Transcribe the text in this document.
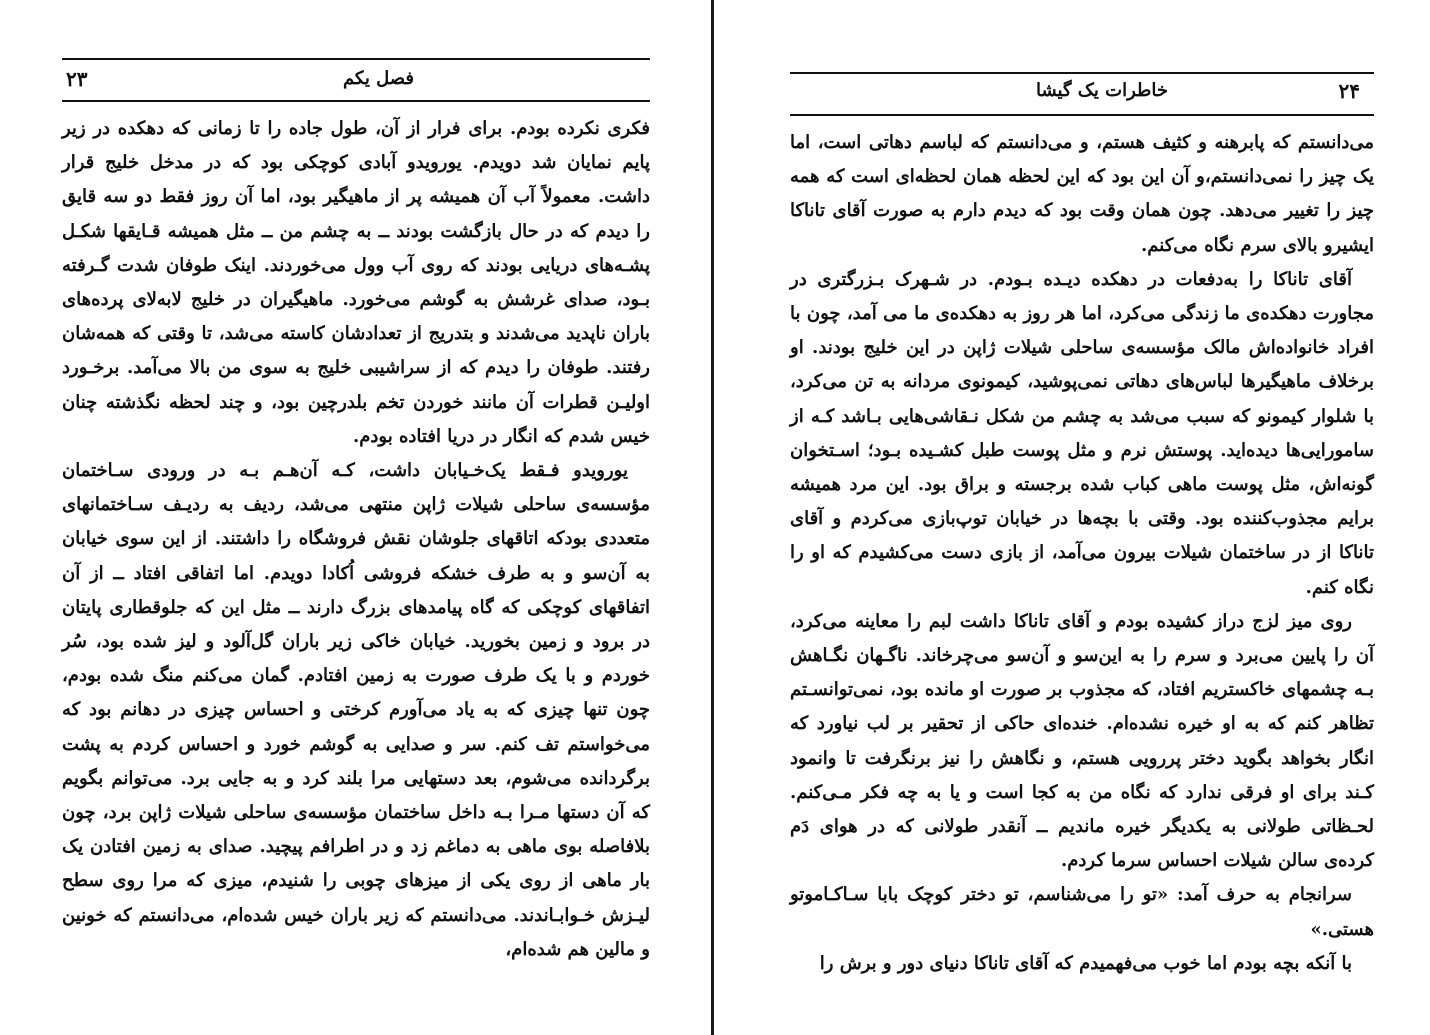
فصل یکم
۲۳

فکری نکرده بودم. برای فرار از آن، طول جاده را تا زمانی که دهکده در زیر پایم نمایان شد دویدم. یورویدو آبادی کوچکی بود که در مدخل خلیج قرار داشت. معمولاً آب آن همیشه پر از ماهیگیر بود، اما آن روز فقط دو سه قایق را دیدم که در حال بازگشت بودند ــ به چشم من ــ مثل همیشه قـایقها شکـل پشـه‌های دریایی بودند که روی آب وول می‌خوردند. اینک طوفان شدت گـرفته بـود، صدای غرشش به گوشم می‌خورد. ماهیگیران در خلیج لابه‌لای پرده‌های باران ناپدید می‌شدند و بتدریج از تعدادشان کاسته می‌شد، تا وقتی که همه‌شان رفتند. طوفان را دیدم که از سراشیبی خلیج به سوی من بالا می‌آمد. برخـورد اولیـن قطرات آن مانند خوردن تخم بلدرچین بود، و چند لحظه نگذشته چنان خیس شدم که انگار در دریا افتاده بودم.

یورویدو فـقط یک‌خـیابان داشت، کـه آن‌هـم بـه در ورودی سـاختمان مؤسسه‌ی ساحلی شیلات ژاپن منتهی می‌شد، ردیف به ردیـف سـاختمانهای متعددی بودکه اتاقهای جلوشان نقش فروشگاه را داشتند. از این سوی خیابان به آن‌سو و به طرف خشکه فروشی اُکادا دویدم. اما اتفاقی افتاد ــ از آن اتفاقهای کوچکی که گاه پیامدهای بزرگ دارند ــ مثل این که جلوقطاری پایتان در برود و زمین بخورید. خیابان خاکی زیر باران گل‌آلود و لیز شده بود، سُر خوردم و با یک طرف صورت به زمین افتادم. گمان می‌کنم منگ شده بودم، چون تنها چیزی که به یاد می‌آورم کرختی و احساس چیزی در دهانم بود که می‌خواستم تف کنم. سر و صدایی به گوشم خورد و احساس کردم به پشت برگردانده می‌شوم، بعد دستهایی مرا بلند کرد و به جایی برد. می‌توانم بگویم که آن دستها مـرا بـه داخل ساختمان مؤسسه‌ی ساحلی شیلات ژاپن برد، چون بلافاصله بوی ماهی به دماغم زد و در اطرافم پیچید. صدای به زمین افتادن یک بار ماهی از روی یکی از میزهای چوبی را شنیدم، میزی که مرا روی سطح لیـزش خـوابـاندند. می‌دانستم که زیر باران خیس شده‌ام، می‌دانستم که خونین و مالین هم شده‌ام،

خاطرات یک گیشا	۲۴

می‌دانستم که پابرهنه و کثیف هستم، و می‌دانستم که لباسم دهاتی است، اما یک چیز را نمی‌دانستم،و آن این بود که این لحظه همان لحظه‌ای است که همه چیز را تغییر می‌دهد. چون همان وقت بود که دیدم دارم به صورت آقای تاناکا ایشیرو بالای سرم نگاه می‌کنم.

آقای تاناکا را به‌دفعات در دهکده دیـده بـودم. در شـهرک بـزرگتری در مجاورت دهکده‌ی ما زندگی می‌کرد، اما هر روز به دهکده‌ی ما می آمد، چون با افراد خانواده‌اش مالک مؤسسه‌ی ساحلی شیلات ژاپن در این خلیج بودند. او برخلاف ماهیگیرها لباس‌های دهاتی نمی‌پوشید، کیمونوی مردانه به تن می‌کرد، با شلوار کیمونو که سبب می‌شد به چشم من شکل نـقاشی‌هایی بـاشد کـه از سامورایی‌ها دیده‌اید. پوستش نرم و مثل پوست طبل کشـیده بـود؛ اسـتخوان گونه‌اش، مثل پوست ماهی کباب شده برجسته و براق بود. این مرد همیشه برایم مجذوب‌کننده بود. وقتی با بچه‌ها در خیابان توپ‌بازی می‌کردم و آقای تاناکا از در ساختمان شیلات بیرون می‌آمد، از بازی دست می‌کشیدم که او را نگاه کنم.

روی میز لزج دراز کشیده بودم و آقای تاناکا داشت لبم را معاینه می‌کرد، آن را پایین می‌برد و سرم را به این‌سو و آن‌سو می‌چرخاند. ناگـهان نگـاهش بـه چشمهای خاکستریم افتاد، که مجذوب بر صورت او مانده بود، نمی‌توانسـتم تظاهر کنم که به او خیره نشده‌ام. خنده‌ای حاکی از تحقیر بر لب نیاورد که انگار بخواهد بگوید دختر پررویی هستم، و نگاهش را نیز برنگرفت تا وانمود کـند برای او فرقی ندارد که نگاه من به کجا است و یا به چه فکر مـی‌کنم. لحـظاتی طولانی به یکدیگر خیره ماندیم ــ آنقدر طولانی که در هوای دَم کرده‌ی سالن شیلات احساس سرما کردم.

سرانجام به حرف آمد: «تو را می‌شناسم، تو دختر کوچک بابا سـاکـاموتو هستی.»

با آنکه بچه بودم اما خوب می‌فهمیدم که آقای تاناکا دنیای دور و برش را
